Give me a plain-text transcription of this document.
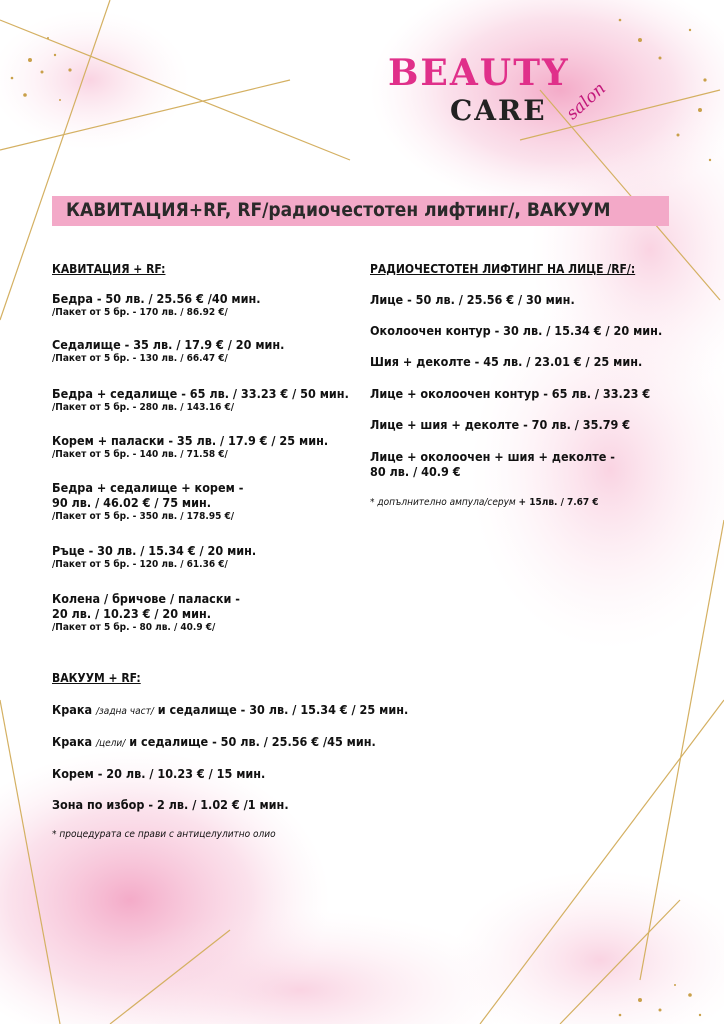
BEAUTY
CARE salon
КАВИТАЦИЯ+RF, RF/радиочестотен лифтинг/, ВАКУУМ
КАВИТАЦИЯ + RF:
Бедра - 50 лв. / 25.56 € /40 мин.
/Пакет от 5 бр. - 170 лв. / 86.92 €/
Седалище - 35 лв. / 17.9 € / 20 мин.
/Пакет от 5 бр. - 130 лв. / 66.47 €/
Бедра + седалище - 65 лв. / 33.23 € / 50 мин.
/Пакет от 5 бр. - 280 лв. / 143.16 €/
Корем + паласки - 35 лв. / 17.9 € / 25 мин.
/Пакет от 5 бр. - 140 лв. / 71.58 €/
Бедра + седалище + корем -
90 лв. / 46.02 € / 75 мин.
/Пакет от 5 бр. - 350 лв. / 178.95 €/
Ръце - 30 лв. / 15.34 € / 20 мин.
/Пакет от 5 бр. - 120 лв. / 61.36 €/
Колена / бричове / паласки -
20 лв. / 10.23 € / 20 мин.
/Пакет от 5 бр. - 80 лв. / 40.9 €/
РАДИОЧЕСТОТЕН ЛИФТИНГ НА ЛИЦЕ /RF/:
Лице - 50 лв. / 25.56 € / 30 мин.
Околоочен контур - 30 лв. / 15.34 € / 20 мин.
Шия + деколте - 45 лв. / 23.01 € / 25 мин.
Лице + околоочен контур - 65 лв. / 33.23 €
Лице + шия + деколте - 70 лв. / 35.79 €
Лице + околоочен + шия + деколте -
80 лв. / 40.9 €
* допълнително ампула/серум + 15лв. / 7.67 €
ВАКУУМ + RF:
Крака /задна част/ и седалище - 30 лв. / 15.34 € / 25 мин.
Крака /цели/ и седалище - 50 лв. / 25.56 € /45 мин.
Корем - 20 лв. / 10.23 € / 15 мин.
Зона по избор - 2 лв. / 1.02 € /1 мин.
* процедурата се прави с антицелулитно олио
